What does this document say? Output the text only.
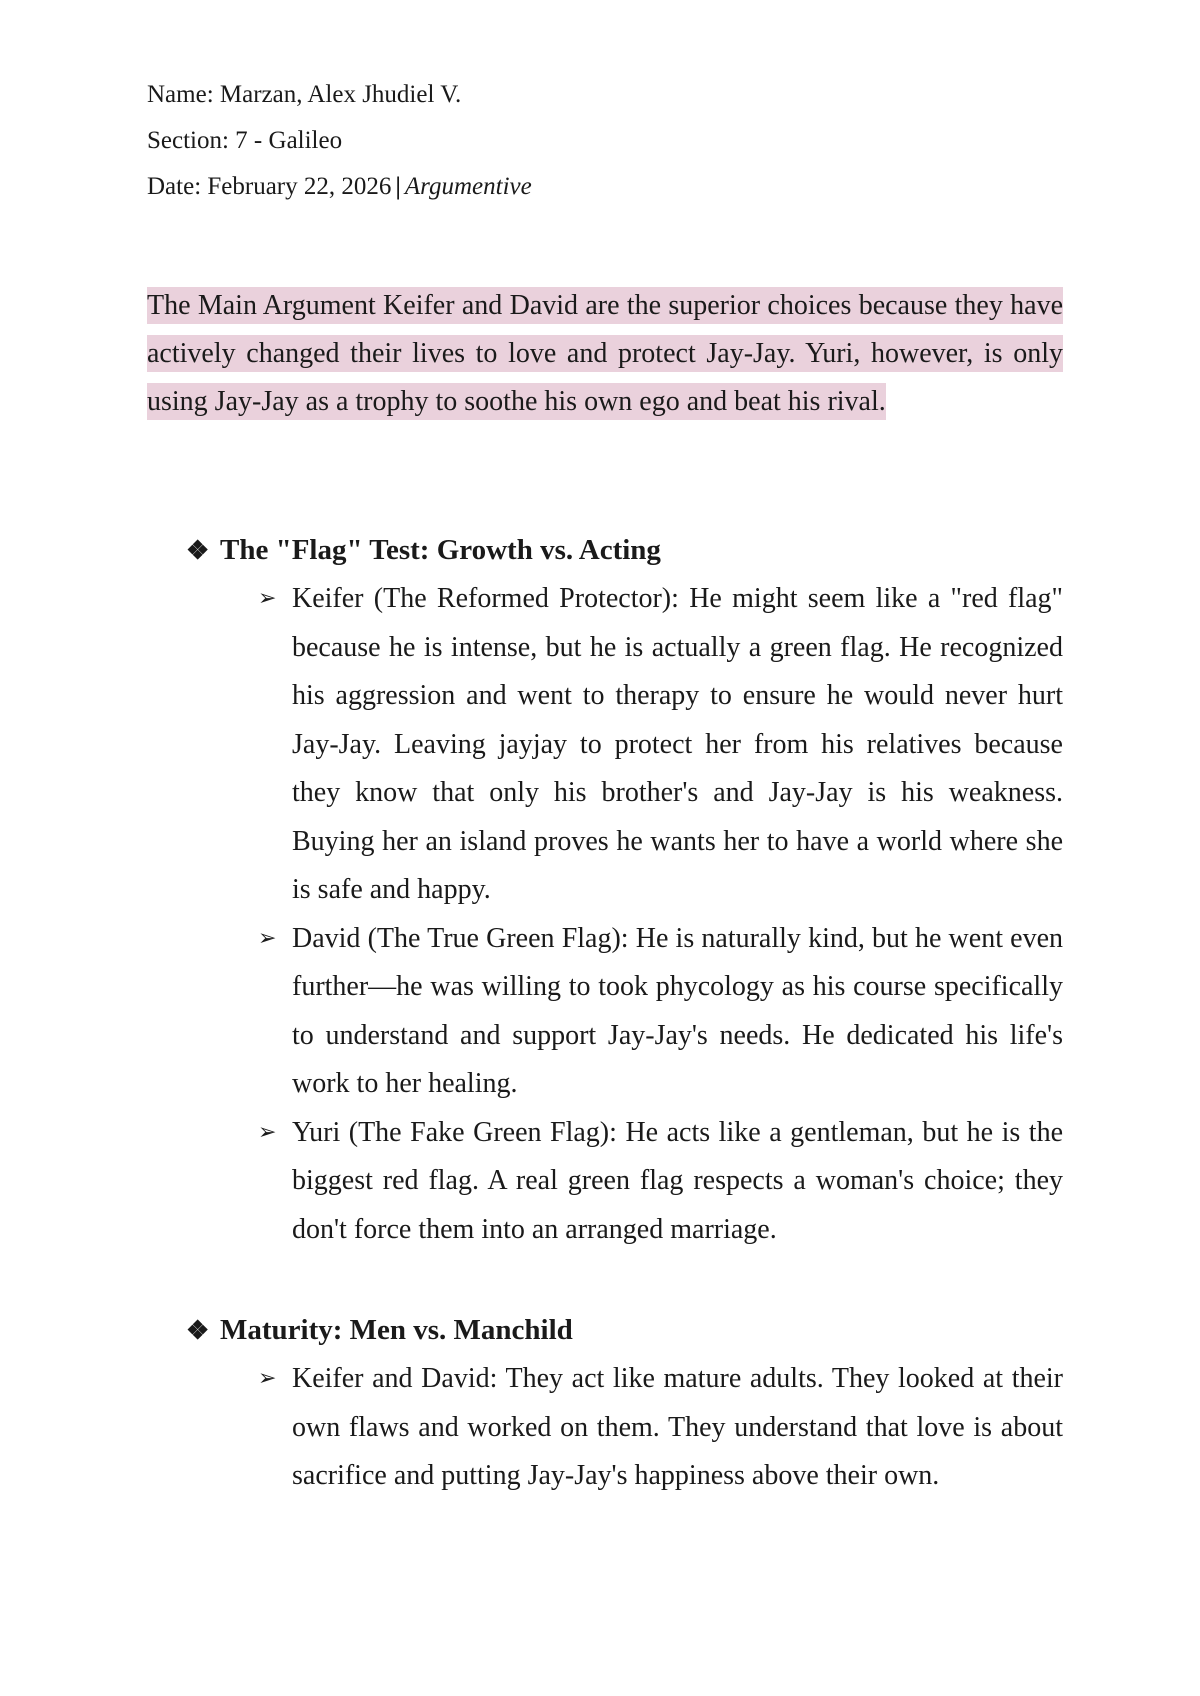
Name: Marzan, Alex Jhudiel V.
Section: 7 - Galileo
Date: February 22, 2026 | Argumentive
The Main Argument Keifer and David are the superior choices because they have actively changed their lives to love and protect Jay-Jay. Yuri, however, is only using Jay-Jay as a trophy to soothe his own ego and beat his rival.
❖ The "Flag" Test: Growth vs. Acting
➢ Keifer (The Reformed Protector): He might seem like a "red flag" because he is intense, but he is actually a green flag. He recognized his aggression and went to therapy to ensure he would never hurt Jay-Jay. Leaving jayjay to protect her from his relatives because they know that only his brother's and Jay-Jay is his weakness. Buying her an island proves he wants her to have a world where she is safe and happy.
➢ David (The True Green Flag): He is naturally kind, but he went even further—he was willing to took phycology as his course specifically to understand and support Jay-Jay's needs. He dedicated his life's work to her healing.
➢ Yuri (The Fake Green Flag): He acts like a gentleman, but he is the biggest red flag. A real green flag respects a woman's choice; they don't force them into an arranged marriage.
❖ Maturity: Men vs. Manchild
➢ Keifer and David: They act like mature adults. They looked at their own flaws and worked on them. They understand that love is about sacrifice and putting Jay-Jay's happiness above their own.
